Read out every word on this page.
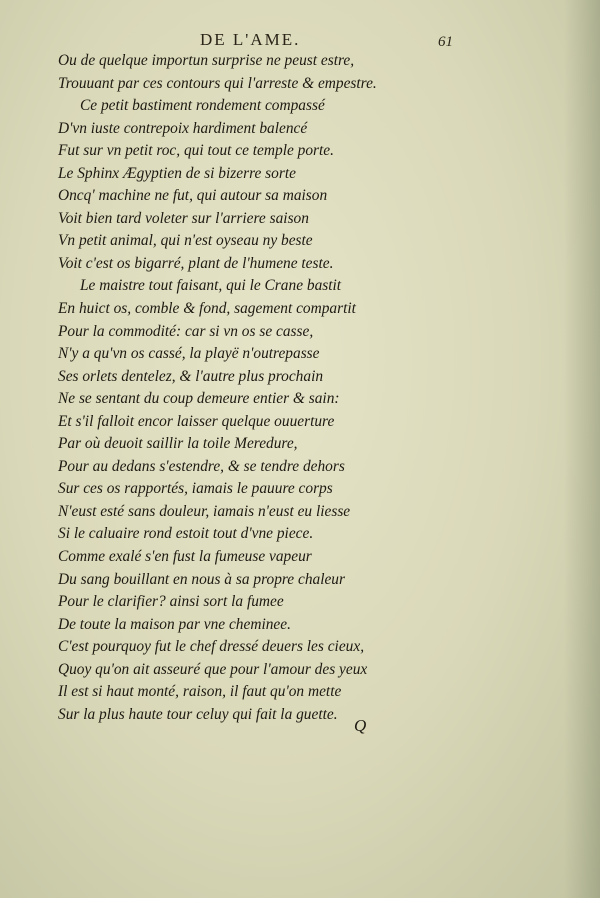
DE L'AME.	61
Ou de quelque importun surprise ne peust estre,
Trouuant par ces contours qui l'arreste & empestre.
Ce petit bastiment rondement compassé
D'vn iuste contrepoix hardiment balencé
Fut sur vn petit roc, qui tout ce temple porte.
Le Sphinx Ægyptien de si bizerre sorte
Oncq' machine ne fut, qui autour sa maison
Voit bien tard voleter sur l'arriere saison
Vn petit animal, qui n'est oyseau ny beste
Voit c'est os bigarré, plant de l'humene teste.
Le maistre tout faisant, qui le Crane bastit
En huict os, comble & fond, sagement compartit
Pour la commodité: car si vn os se casse,
N'y a qu'vn os cassé, la playë n'outrepasse
Ses orlets dentelez, & l'autre plus prochain
Ne se sentant du coup demeure entier & sain:
Et s'il falloit encor laisser quelque ouuerture
Par où deuoit saillir la toile Meredure,
Pour au dedans s'estendre, & se tendre dehors
Sur ces os rapportés, iamais le pauure corps
N'eust esté sans douleur, iamais n'eust eu liesse
Si le caluaire rond estoit tout d'vne piece.
Comme exalé s'en fust la fumeuse vapeur
Du sang bouillant en nous à sa propre chaleur
Pour le clarifier? ainsi sort la fumee
De toute la maison par vne cheminee.
C'est pourquoy fut le chef dressé deuers les cieux,
Quoy qu'on ait asseuré que pour l'amour des yeux
Il est si haut monté, raison, il faut qu'on mette
Sur la plus haute tour celuy qui fait la guette.
Q
